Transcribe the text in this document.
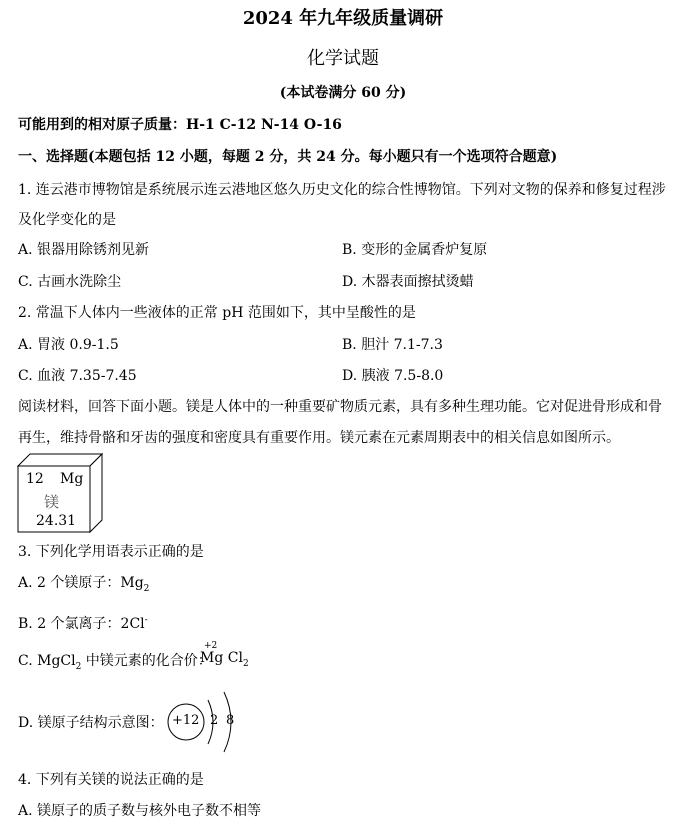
2024 年九年级质量调研
化学试题
(本试卷满分 60 分)
可能用到的相对原子质量：H-1 C-12 N-14 O-16
一、选择题(本题包括 12 小题，每题 2 分，共 24 分。每小题只有一个选项符合题意)
1. 连云港市博物馆是系统展示连云港地区悠久历史文化的综合性博物馆。下列对文物的保养和修复过程涉
及化学变化的是
A. 银器用除锈剂见新	B. 变形的金属香炉复原
C. 古画水洗除尘	D. 木器表面擦拭烫蜡
2. 常温下人体内一些液体的正常 pH 范围如下，其中呈酸性的是
A. 胃液 0.9-1.5	B. 胆汁 7.1-7.3
C. 血液 7.35-7.45	D. 胰液 7.5-8.0
阅读材料，回答下面小题。镁是人体中的一种重要矿物质元素，具有多种生理功能。它对促进骨形成和骨
再生，维持骨骼和牙齿的强度和密度具有重要作用。镁元素在元素周期表中的相关信息如图所示。
12 Mg
镁
24.31
3. 下列化学用语表示正确的是
A. 2 个镁原子：$Mg_2$
B. 2 个氯离子：2Cl-
C. MgCl$_2$ 中镁元素的化合价：
+2
Mg $Cl_2$
D. 镁原子结构示意图： +12 2 8
4. 下列有关镁的说法正确的是
A. 镁原子的质子数与核外电子数不相等
